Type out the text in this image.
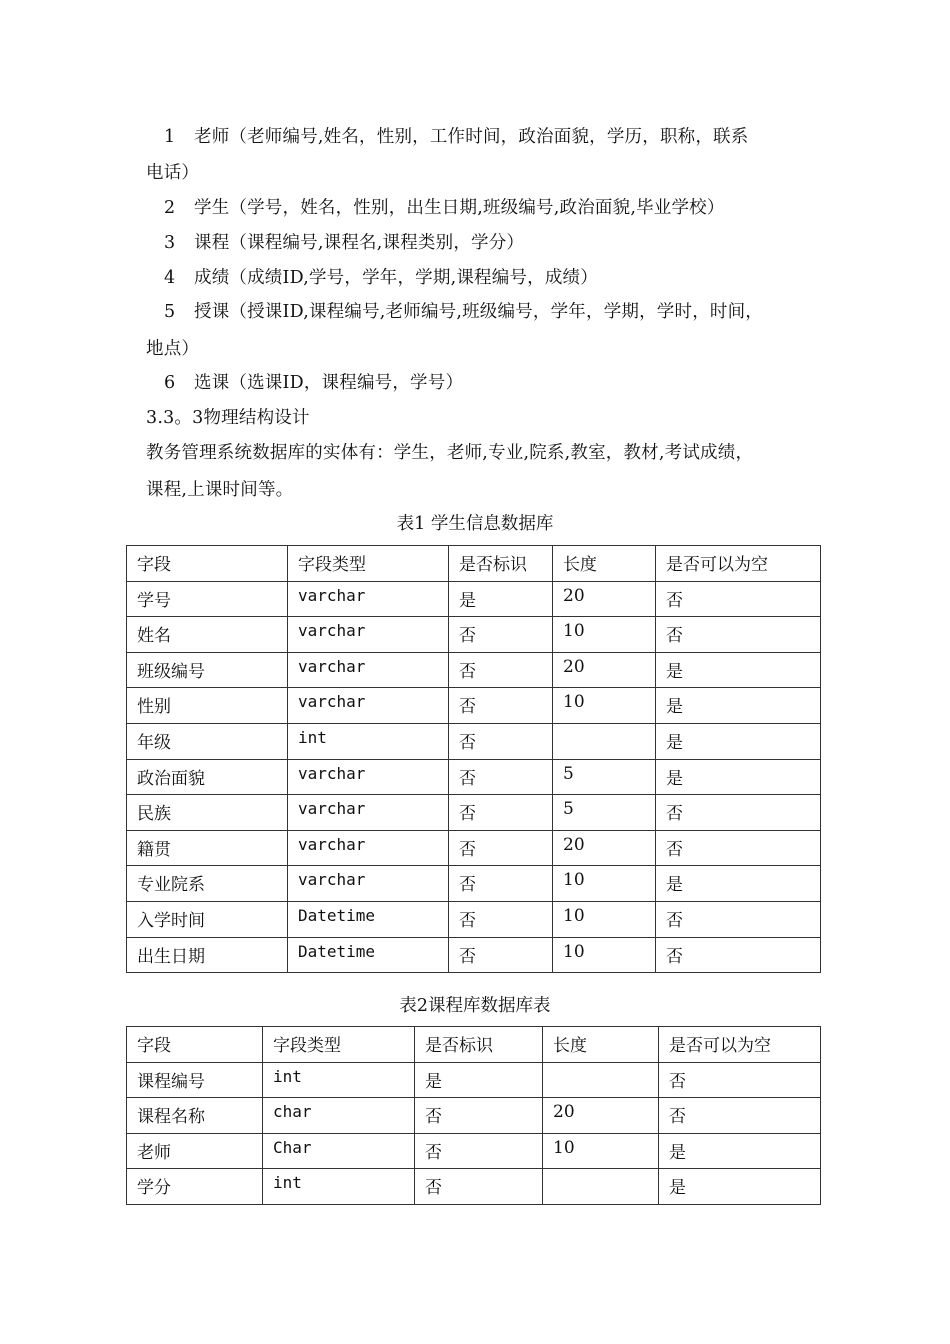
1 老师（老师编号,姓名，性别，工作时间，政治面貌，学历，职称，联系
电话）
2 学生（学号，姓名，性别，出生日期,班级编号,政治面貌,毕业学校）
3 课程（课程编号,课程名,课程类别，学分）
4 成绩（成绩ID,学号，学年，学期,课程编号，成绩）
5 授课（授课ID,课程编号,老师编号,班级编号，学年，学期，学时，时间，
地点）
6 选课（选课ID，课程编号，学号）
3.3。3物理结构设计
教务管理系统数据库的实体有：学生，老师,专业,院系,教室，教材,考试成绩，
课程,上课时间等。
表1 学生信息数据库
字段	字段类型	是否标识	长度	是否可以为空
学号	varchar	是	20	否
姓名	varchar	否	10	否
班级编号	varchar	否	20	是
性别	varchar	否	10	是
年级	int	否		是
政治面貌	varchar	否	5	是
民族	varchar	否	5	否
籍贯	varchar	否	20	否
专业院系	varchar	否	10	是
入学时间	Datetime	否	10	否
出生日期	Datetime	否	10	否
表2课程库数据库表
字段	字段类型	是否标识	长度	是否可以为空
课程编号	int	是		否
课程名称	char	否	20	否
老师	Char	否	10	是
学分	int	否		是
